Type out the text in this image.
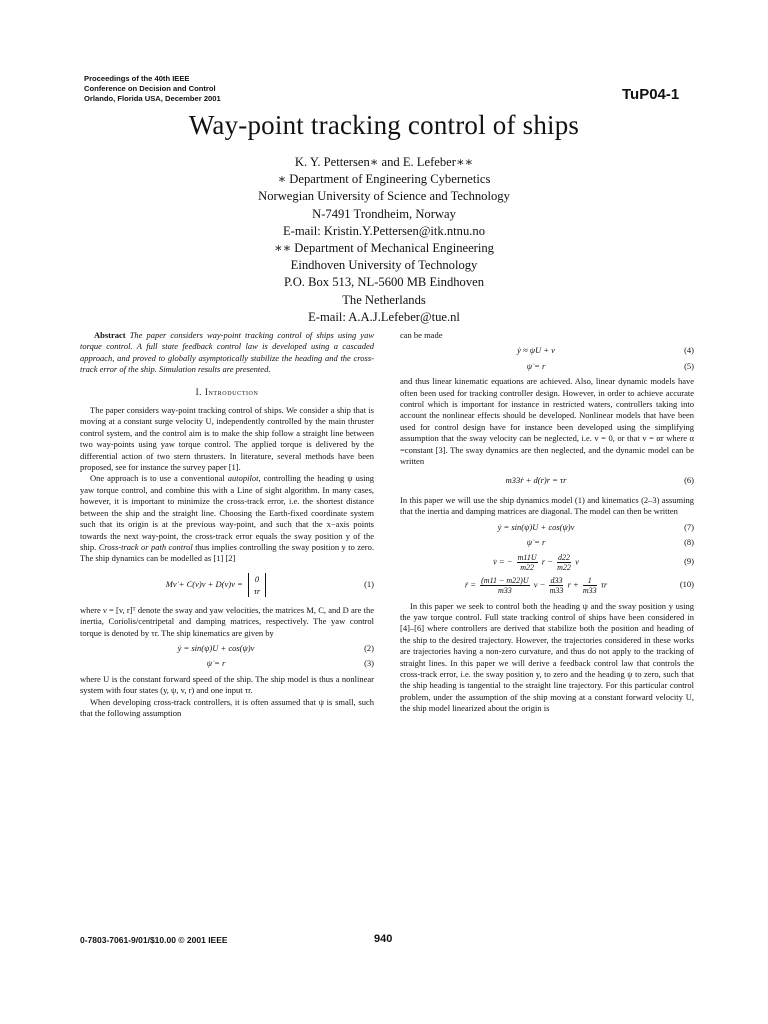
Proceedings of the 40th IEEE
Conference on Decision and Control
Orlando, Florida USA, December 2001	TuP04-1
Way-point tracking control of ships
K. Y. Pettersen∗ and E. Lefeber∗∗
∗ Department of Engineering Cybernetics
Norwegian University of Science and Technology
N-7491 Trondheim, Norway
E-mail: Kristin.Y.Pettersen@itk.ntnu.no
∗∗ Department of Mechanical Engineering
Eindhoven University of Technology
P.O. Box 513, NL-5600 MB Eindhoven
The Netherlands
E-mail: A.A.J.Lefeber@tue.nl

Abstract The paper considers way-point tracking control of ships using yaw torque control. A full state feedback control law is developed using a cascaded approach, and proved to globally asymptotically stabilize the heading and the cross-track error of the ship. Simulation results are presented.

I. Introduction

The paper considers way-point tracking control of ships. We consider a ship that is moving at a constant surge velocity U, independently controlled by the main thruster control system, and the control aim is to make the ship follow a straight line between two way-points using yaw torque control. The applied torque is delivered by the differential action of two stern thrusters. In literature, several methods have been proposed, see for instance the survey paper [1].

One approach is to use a conventional autopilot, controlling the heading ψ using yaw torque control, and combine this with a Line of sight algorithm. In many cases, however, it is important to minimize the cross-track error, i.e. the shortest distance between the ship and the straight line. Choosing the Earth-fixed coordinate system such that its origin is at the previous way-point, and such that the x−axis points towards the next way-point, the cross-track error equals the sway position y of the ship. Cross-track or path control thus implies controlling the sway position y to zero. The ship dynamics can be modelled as [1] [2]

Mν̇ + C(ν)ν + D(ν)ν = 0
τr
(1)

where ν = [v, r]ᵀ denote the sway and yaw velocities, the matrices M, C, and D are the inertia, Coriolis/centripetal and damping matrices, respectively. The yaw control torque is denoted by τr. The ship kinematics are given by

ẏ = sin(ψ)U + cos(ψ)v	(2)
ψ̇ = r	(3)

where U is the constant forward speed of the ship. The ship model is thus a nonlinear system with four states (y, ψ, v, r) and one input τr.

When developing cross-track controllers, it is often assumed that ψ is small, such that the following assumption

can be made

ẏ ≈ ψU + v	(4)
ψ̇ = r	(5)

and thus linear kinematic equations are achieved. Also, linear dynamic models have often been used for tracking controller design. However, in order to achieve accurate control which is important for instance in restricted waters, controllers taking into account the nonlinear effects should be developed. Nonlinear models that have been used for control design have for instance been developed using the simplifying assumption that the sway velocity can be neglected, i.e. v = 0, or that v = αr where α =constant [3]. The sway dynamics are then neglected, and the dynamic model can be written

m33ṙ + d(r)r = τr	(6)

In this paper we will use the ship dynamics model (1) and kinematics (2–3) assuming that the inertia and damping matrices are diagonal. The model can then be written

ẏ = sin(ψ)U + cos(ψ)v	(7)
ψ̇ = r	(8)
v̇ = − $\frac{m11U}{m22}$ $r - \frac{d22}{m22}$ v	(9)
ṙ = $\frac{(m11 - m22)U}{m33}$ $v - \frac{d33}{m33}$ $r + \frac{1}{m33}$ τr	(10)

In this paper we seek to control both the heading ψ and the sway position y using the yaw torque control. Full state tracking control of ships have been considered in [4]–[6] where controllers are derived that stabilize both the position and heading of the ship to the desired trajectory. However, the trajectories considered in these works are trajectories having a non-zero curvature, and thus do not apply to the tracking of straight lines. In this paper we will derive a feedback control law that controls the cross-track error, i.e. the sway position y, to zero and the heading ψ to zero, such that the ship heading is tangential to the straight line trajectory. For this particular control problem, under the assumption of the ship moving at a constant forward velocity U, the ship model linearized about the origin is

0-7803-7061-9/01/$10.00 © 2001 IEEE	940
